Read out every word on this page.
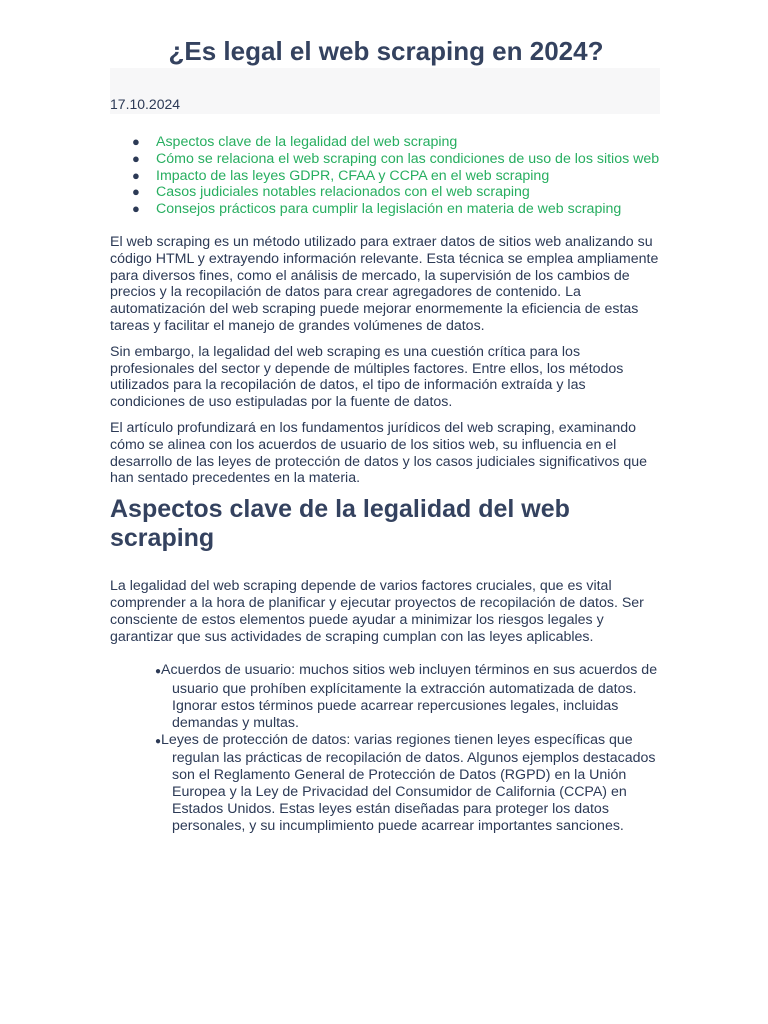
¿Es legal el web scraping en 2024?
17.10.2024
● Aspectos clave de la legalidad del web scraping
● Cómo se relaciona el web scraping con las condiciones de uso de los sitios web
● Impacto de las leyes GDPR, CFAA y CCPA en el web scraping
● Casos judiciales notables relacionados con el web scraping
● Consejos prácticos para cumplir la legislación en materia de web scraping

El web scraping es un método utilizado para extraer datos de sitios web analizando su código HTML y extrayendo información relevante. Esta técnica se emplea ampliamente para diversos fines, como el análisis de mercado, la supervisión de los cambios de precios y la recopilación de datos para crear agregadores de contenido. La automatización del web scraping puede mejorar enormemente la eficiencia de estas tareas y facilitar el manejo de grandes volúmenes de datos.

Sin embargo, la legalidad del web scraping es una cuestión crítica para los profesionales del sector y depende de múltiples factores. Entre ellos, los métodos utilizados para la recopilación de datos, el tipo de información extraída y las condiciones de uso estipuladas por la fuente de datos.

El artículo profundizará en los fundamentos jurídicos del web scraping, examinando cómo se alinea con los acuerdos de usuario de los sitios web, su influencia en el desarrollo de las leyes de protección de datos y los casos judiciales significativos que han sentado precedentes en la materia.

Aspectos clave de la legalidad del web scraping

La legalidad del web scraping depende de varios factores cruciales, que es vital comprender a la hora de planificar y ejecutar proyectos de recopilación de datos. Ser consciente de estos elementos puede ayudar a minimizar los riesgos legales y garantizar que sus actividades de scraping cumplan con las leyes aplicables.

●Acuerdos de usuario: muchos sitios web incluyen términos en sus acuerdos de usuario que prohíben explícitamente la extracción automatizada de datos. Ignorar estos términos puede acarrear repercusiones legales, incluidas demandas y multas.
●Leyes de protección de datos: varias regiones tienen leyes específicas que regulan las prácticas de recopilación de datos. Algunos ejemplos destacados son el Reglamento General de Protección de Datos (RGPD) en la Unión Europea y la Ley de Privacidad del Consumidor de California (CCPA) en Estados Unidos. Estas leyes están diseñadas para proteger los datos personales, y su incumplimiento puede acarrear importantes sanciones.
